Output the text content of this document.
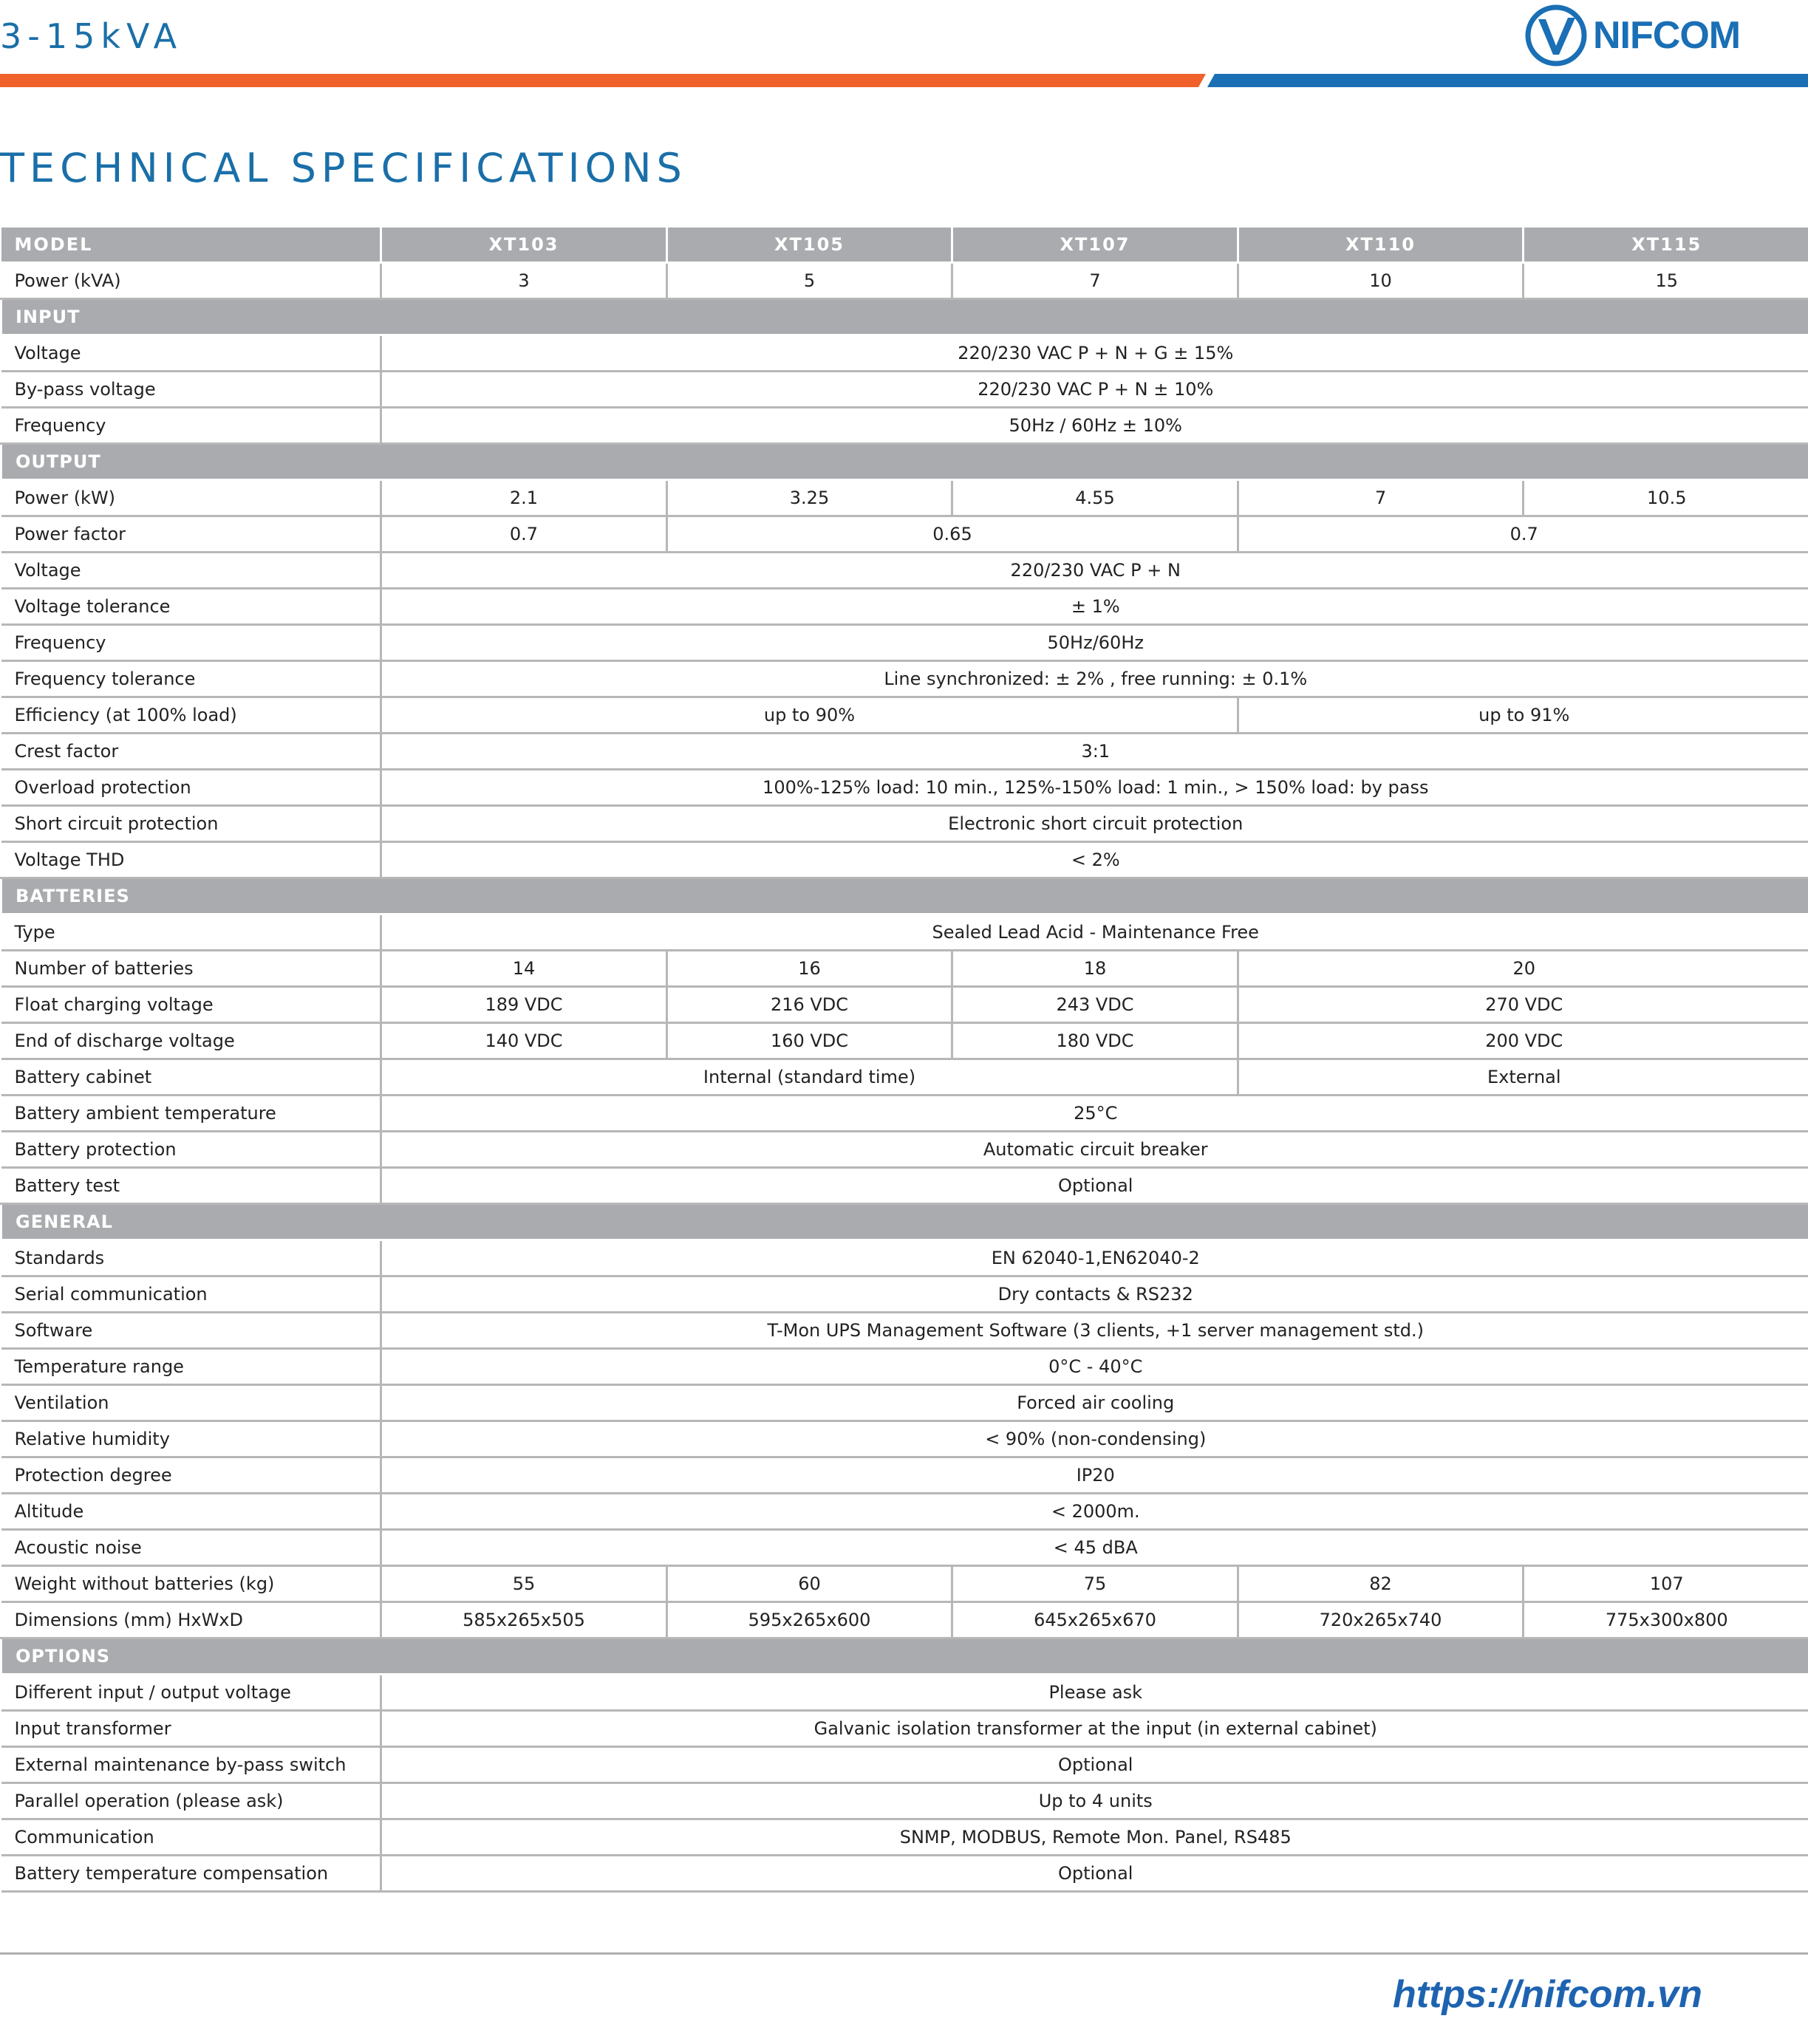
3-15kVA	NIFCOM
TECHNICAL SPECIFICATIONS
MODEL	XT103	XT105	XT107	XT110	XT115
Power (kVA)	3	5	7	10	15
INPUT					
Voltage	220/230 VAC P + N + G ± 15%				
By-pass voltage	220/230 VAC P + N ± 10%				
Frequency	50Hz / 60Hz ± 10%				
OUTPUT					
Power (kW)	2.1	3.25	4.55	7	10.5
Power factor	0.7	0.65		0.7	
Voltage	220/230 VAC P + N				
Voltage tolerance	± 1%				
Frequency	50Hz/60Hz				
Frequency tolerance	Line synchronized: ± 2% , free running: ± 0.1%				
Efficiency (at 100% load)	up to 90%			up to 91%	
Crest factor	3:1				
Overload protection	100%-125% load: 10 min., 125%-150% load: 1 min., > 150% load: by pass				
Short circuit protection	Electronic short circuit protection				
Voltage THD	< 2%				
BATTERIES					
Type	Sealed Lead Acid - Maintenance Free				
Number of batteries	14	16	18	20	
Float charging voltage	189 VDC	216 VDC	243 VDC	270 VDC	
End of discharge voltage	140 VDC	160 VDC	180 VDC	200 VDC	
Battery cabinet	Internal (standard time)			External	
Battery ambient temperature	25°C				
Battery protection	Automatic circuit breaker				
Battery test	Optional				
GENERAL					
Standards	EN 62040-1,EN62040-2				
Serial communication	Dry contacts & RS232				
Software	T-Mon UPS Management Software (3 clients, +1 server management std.)				
Temperature range	0°C - 40°C				
Ventilation	Forced air cooling				
Relative humidity	< 90% (non-condensing)				
Protection degree	IP20				
Altitude	< 2000m.				
Acoustic noise	< 45 dBA				
Weight without batteries (kg)	55	60	75	82	107
Dimensions (mm) HxWxD	585x265x505	595x265x600	645x265x670	720x265x740	775x300x800
OPTIONS					
Different input / output voltage	Please ask				
Input transformer	Galvanic isolation transformer at the input (in external cabinet)				
External maintenance by-pass switch	Optional				
Parallel operation (please ask)	Up to 4 units				
Communication	SNMP, MODBUS, Remote Mon. Panel, RS485				
Battery temperature compensation	Optional				
https://nifcom.vn
